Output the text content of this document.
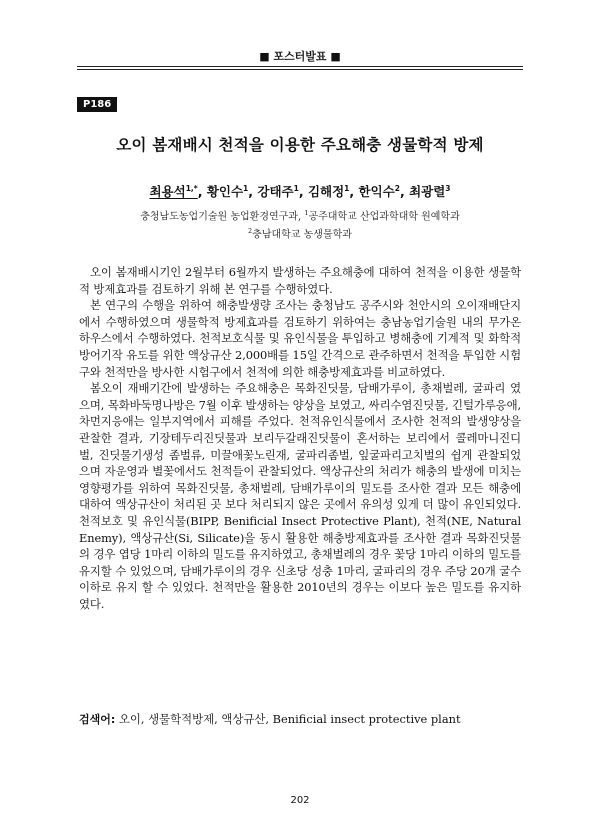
■ 포스터발표 ■
P186
오이 봄재배시 천적을 이용한 주요해충 생물학적 방제
최용석$^{1,*}$, 황인수$^1$, 강태주$^1$, 김해정$^1$, 한익수$^2$, 최광렬$^3$
충청남도농업기술원 농업환경연구과, $^1$공주대학교 산업과학대학 원예학과
$^2$충남대학교 농생물학과

오이 봄재배시기인 2월부터 6월까지 발생하는 주요해충에 대하여 천적을 이용한 생물학적 방제효과를 검토하기 위해 본 연구를 수행하였다.

본 연구의 수행을 위하여 해충발생량 조사는 충청남도 공주시와 천안시의 오이재배단지에서 수행하였으며 생물학적 방제효과를 검토하기 위하여는 충남농업기술원 내의 무가온 하우스에서 수행하였다. 천적보호식물 및 유인식물을 투입하고 병해충에 기계적 및 화학적 방어기작 유도를 위한 액상규산 2,000배를 15일 간격으로 관주하면서 천적을 투입한 시험구와 천적만을 방사한 시험구에서 천적에 의한 해충방제효과를 비교하였다.

봄오이 재배기간에 발생하는 주요해충은 목화진딧물, 담배가루이, 총채벌레, 굴파리 였으며, 목화바둑명나방은 7월 이후 발생하는 양상을 보였고, 싸리수염진딧물, 긴털가루응애, 차먼지응애는 일부지역에서 피해를 주었다. 천적유인식물에서 조사한 천적의 발생양상을 관찰한 결과, 기장테두리진딧물과 보리두갈래진딧물이 혼서하는 보리에서 콜레마니진디벌, 진딧물기생성 좀벌류, 미끌애꽃노린재, 굴파리좀벌, 잎굴파리고치벌의 쉽게 관찰되었으며 자운영과 별꽃에서도 천적들이 관찰되었다. 액상규산의 처리가 해충의 발생에 미치는 영향평가를 위하여 목화진딧물, 총채벌레, 담배가루이의 밀도를 조사한 결과 모든 해충에 대하여 액상규산이 처리된 곳 보다 처리되지 않은 곳에서 유의성 있게 더 많이 유인되었다. 천적보호 및 유인식물(BIPP, Benificial Insect Protective Plant), 천적(NE, Natural Enemy), 액상규산(Si, Silicate)을 동시 활용한 해충방제효과를 조사한 결과 목화진딧물의 경우 엽당 1마리 이하의 밀도를 유지하였고, 총채벌레의 경우 꽃당 1마리 이하의 밀도를 유지할 수 있었으며, 담배가루이의 경우 신초당 성충 1마리, 굴파리의 경우 주당 20개 굴수 이하로 유지 할 수 있었다. 천적만을 활용한 2010년의 경우는 이보다 높은 밀도를 유지하였다.

검색어: 오이, 생물학적방제, 액상규산, Benificial insect protective plant
202
